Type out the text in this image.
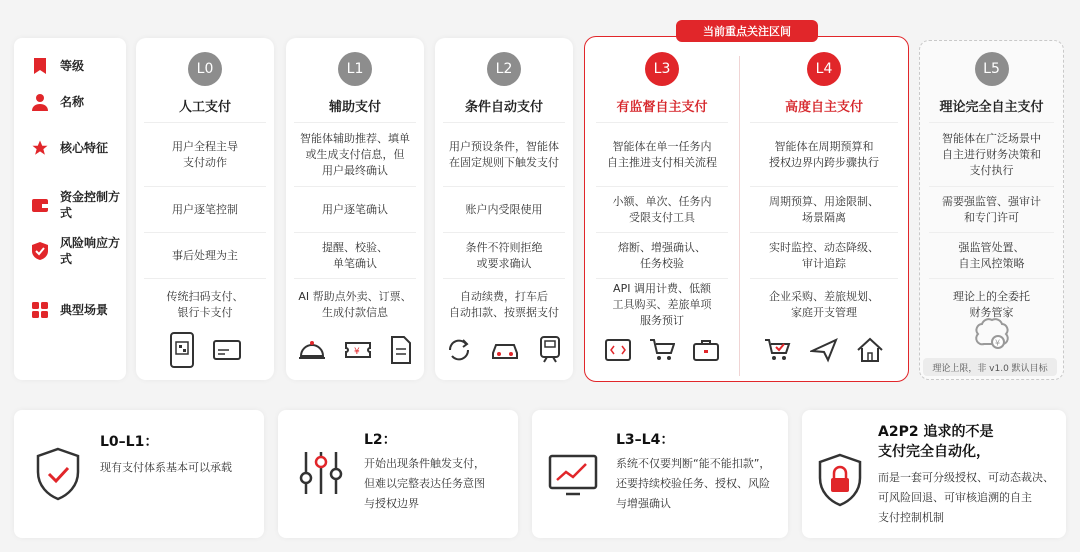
等级
名称
核心特征
资金控制方式
风险响应方式
典型场景
当前重点关注区间
L0
人工支付
用户全程主导
支付动作
用户逐笔控制
事后处理为主
传统扫码支付、
银行卡支付
L1
辅助支付
智能体辅助推荐、填单
或生成支付信息，但
用户最终确认
用户逐笔确认
提醒、校验、
单笔确认
AI 帮助点外卖、订票、
生成付款信息
¥
L2
条件自动支付
用户预设条件，智能体
在固定规则下触发支付
账户内受限使用
条件不符则拒绝
或要求确认
自动续费，打车后
自动扣款、按票据支付
L3
有监督自主支付
智能体在单一任务内
自主推进支付相关流程
小额、单次、任务内
受限支付工具
熔断、增强确认、
任务校验
API 调用计费、低额
工具购买、差旅单项
服务预订
L4
高度自主支付
智能体在周期预算和
授权边界内跨步骤执行
周期预算、用途限制、
场景隔离
实时监控、动态降级、
审计追踪
企业采购、差旅规划、
家庭开支管理
L5
理论完全自主支付
智能体在广泛场景中
自主进行财务决策和
支付执行
需要强监管、强审计
和专门许可
强监管处置、
自主风控策略
理论上的全委托
财务管家
¥
理论上限，非 v1.0 默认目标
L0–L1：
现有支付体系基本可以承载
L2：
开始出现条件触发支付，
但难以完整表达任务意图
与授权边界
L3–L4：
系统不仅要判断“能不能扣款”，
还要持续校验任务、授权、风险
与增强确认
A2P2 追求的不是
支付完全自动化，
而是一套可分级授权、可动态裁决、
可风险回退、可审核追溯的自主
支付控制机制
